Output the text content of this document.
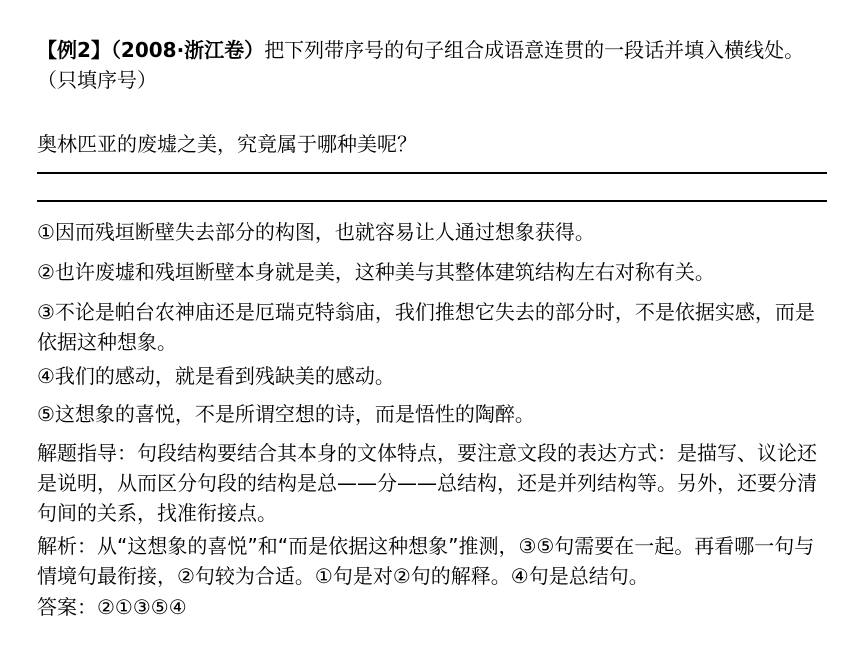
【例2】（2008·浙江卷）把下列带序号的句子组合成语意连贯的一段话并填入横线处。（只填序号）

奥林匹亚的废墟之美，究竟属于哪种美呢？

①因而残垣断壁失去部分的构图，也就容易让人通过想象获得。

②也许废墟和残垣断壁本身就是美，这种美与其整体建筑结构左右对称有关。

③不论是帕台农神庙还是厄瑞克特翁庙，我们推想它失去的部分时，不是依据实感，而是依据这种想象。

④我们的感动，就是看到残缺美的感动。

⑤这想象的喜悦，不是所谓空想的诗，而是悟性的陶醉。

解题指导：句段结构要结合其本身的文体特点，要注意文段的表达方式：是描写、议论还是说明，从而区分句段的结构是总——分——总结构，还是并列结构等。另外，还要分清句间的关系，找准衔接点。

解析：从“这想象的喜悦”和“而是依据这种想象”推测，③⑤句需要在一起。再看哪一句与情境句最衔接，②句较为合适。①句是对②句的解释。④句是总结句。

答案：②①③⑤④
